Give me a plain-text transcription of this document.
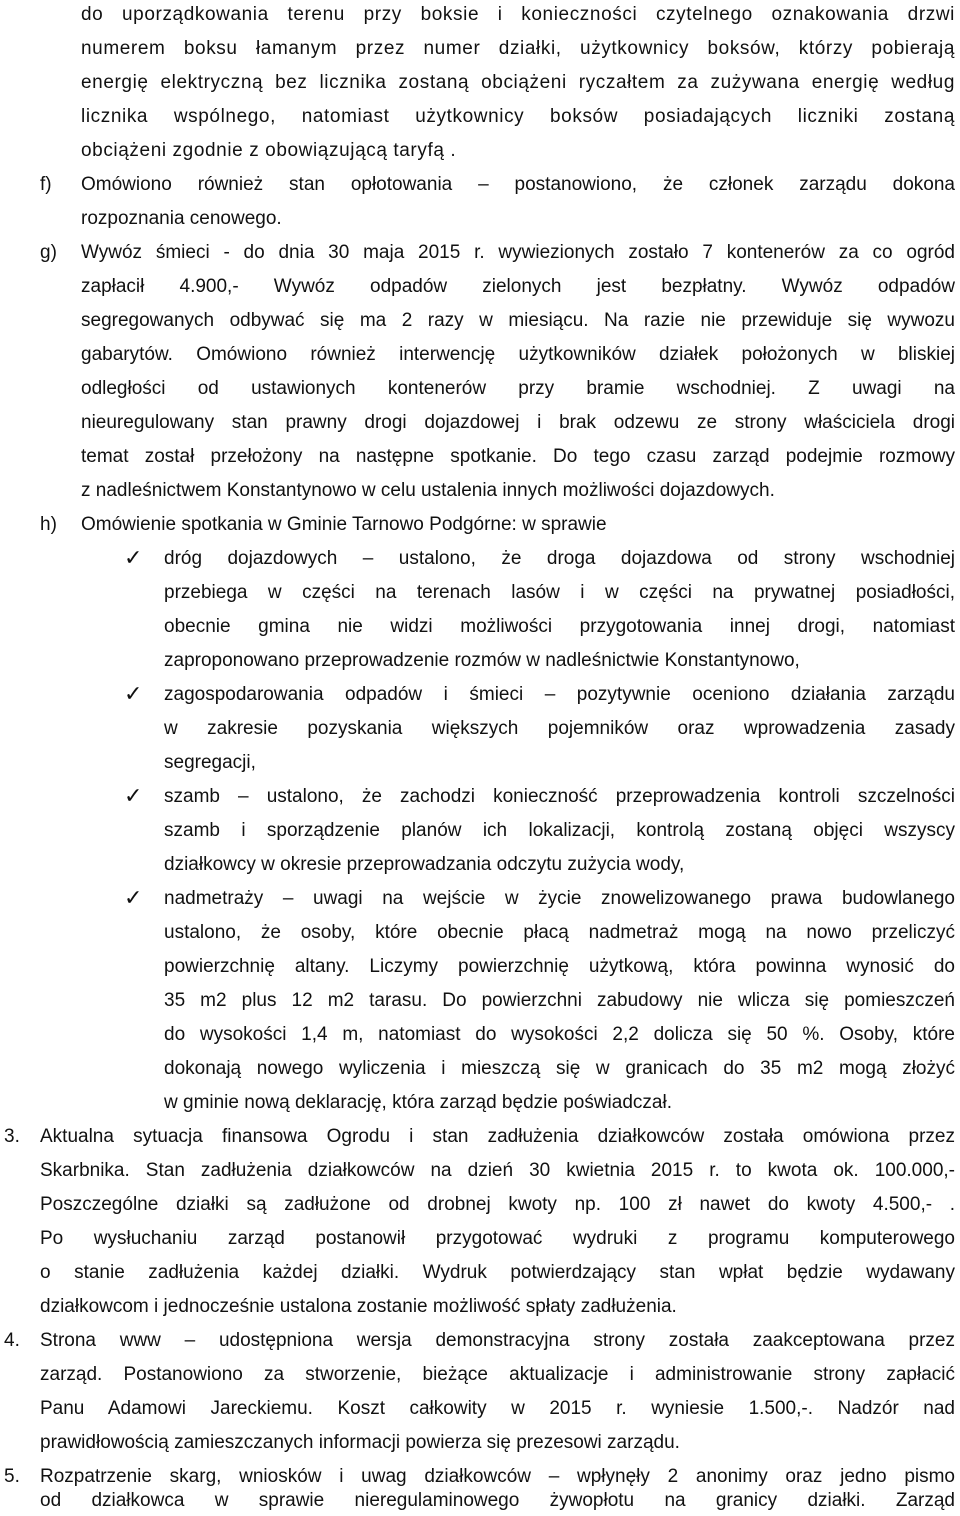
do uporządkowania terenu przy boksie i konieczności czytelnego oznakowania drzwi
numerem boksu łamanym przez numer działki, użytkownicy boksów, którzy pobierają
energię elektryczną bez licznika zostaną obciążeni ryczałtem za zużywana energię według
licznika wspólnego, natomiast użytkownicy boksów posiadających liczniki zostaną
obciążeni zgodnie z obowiązującą taryfą .
f) Omówiono również stan opłotowania – postanowiono, że członek zarządu dokona
rozpoznania cenowego.
g) Wywóz śmieci - do dnia 30 maja 2015 r. wywiezionych zostało 7 kontenerów za co ogród
zapłacił 4.900,- Wywóz odpadów zielonych jest bezpłatny. Wywóz odpadów
segregowanych odbywać się ma 2 razy w miesiącu. Na razie nie przewiduje się wywozu
gabarytów. Omówiono również interwencję użytkowników działek położonych w bliskiej
odległości od ustawionych kontenerów przy bramie wschodniej. Z uwagi na
nieuregulowany stan prawny drogi dojazdowej i brak odzewu ze strony właściciela drogi
temat został przełożony na następne spotkanie. Do tego czasu zarząd podejmie rozmowy
z nadleśnictwem Konstantynowo w celu ustalenia innych możliwości dojazdowych.
h) Omówienie spotkania w Gminie Tarnowo Podgórne: w sprawie
✓ dróg dojazdowych – ustalono, że droga dojazdowa od strony wschodniej
przebiega w części na terenach lasów i w części na prywatnej posiadłości,
obecnie gmina nie widzi możliwości przygotowania innej drogi, natomiast
zaproponowano przeprowadzenie rozmów w nadleśnictwie Konstantynowo,
✓ zagospodarowania odpadów i śmieci – pozytywnie oceniono działania zarządu
w zakresie pozyskania większych pojemników oraz wprowadzenia zasady
segregacji,
✓ szamb – ustalono, że zachodzi konieczność przeprowadzenia kontroli szczelności
szamb i sporządzenie planów ich lokalizacji, kontrolą zostaną objęci wszyscy
działkowcy w okresie przeprowadzania odczytu zużycia wody,
✓ nadmetraży – uwagi na wejście w życie znowelizowanego prawa budowlanego
ustalono, że osoby, które obecnie płacą nadmetraż mogą na nowo przeliczyć
powierzchnię altany. Liczymy powierzchnię użytkową, która powinna wynosić do
35 m2 plus 12 m2 tarasu. Do powierzchni zabudowy nie wlicza się pomieszczeń
do wysokości 1,4 m, natomiast do wysokości 2,2 dolicza się 50 %. Osoby, które
dokonają nowego wyliczenia i mieszczą się w granicach do 35 m2 mogą złożyć
w gminie nową deklarację, która zarząd będzie poświadczał.
3. Aktualna sytuacja finansowa Ogrodu i stan zadłużenia działkowców została omówiona przez
Skarbnika. Stan zadłużenia działkowców na dzień 30 kwietnia 2015 r. to kwota ok. 100.000,-
Poszczególne działki są zadłużone od drobnej kwoty np. 100 zł nawet do kwoty 4.500,- .
Po wysłuchaniu zarząd postanowił przygotować wydruki z programu komputerowego
o stanie zadłużenia każdej działki. Wydruk potwierdzający stan wpłat będzie wydawany
działkowcom i jednocześnie ustalona zostanie możliwość spłaty zadłużenia.
4. Strona www – udostępniona wersja demonstracyjna strony została zaakceptowana przez
zarząd. Postanowiono za stworzenie, bieżące aktualizacje i administrowanie strony zapłacić
Panu Adamowi Jareckiemu. Koszt całkowity w 2015 r. wyniesie 1.500,-. Nadzór nad
prawidłowością zamieszczanych informacji powierza się prezesowi zarządu.
5. Rozpatrzenie skarg, wniosków i uwag działkowców – wpłynęły 2 anonimy oraz jedno pismo
od działkowca w sprawie nieregulaminowego żywopłotu na granicy działki. Zarząd
